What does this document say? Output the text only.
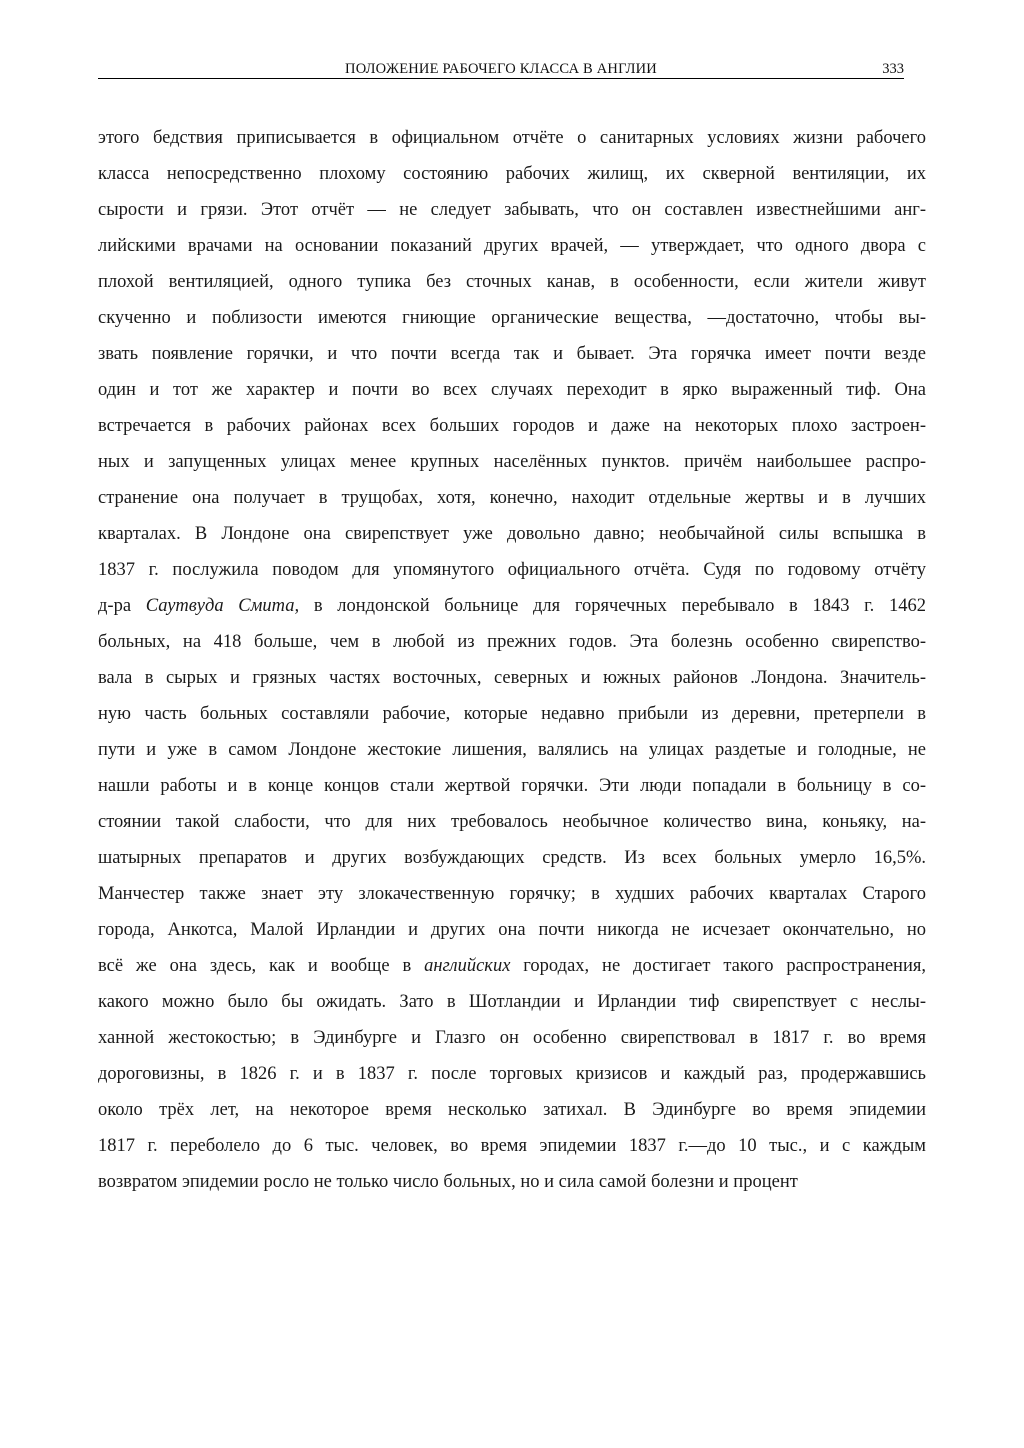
ПОЛОЖЕНИЕ РАБОЧЕГО КЛАССА В АНГЛИИ	333
этого бедствия приписывается в официальном отчёте о санитарных условиях жизни рабочего
класса непосредственно плохому состоянию рабочих жилищ, их скверной вентиляции, их
сырости и грязи. Этот отчёт — не следует забывать, что он составлен известнейшими анг-
лийскими врачами на основании показаний других врачей, — утверждает, что одного двора с
плохой вентиляцией, одного тупика без сточных канав, в особенности, если жители живут
скученно и поблизости имеются гниющие органические вещества, —достаточно, чтобы вы-
звать появление горячки, и что почти всегда так и бывает. Эта горячка имеет почти везде
один и тот же характер и почти во всех случаях переходит в ярко выраженный тиф. Она
встречается в рабочих районах всех больших городов и даже на некоторых плохо застроен-
ных и запущенных улицах менее крупных населённых пунктов. причём наибольшее распро-
странение она получает в трущобах, хотя, конечно, находит отдельные жертвы и в лучших
кварталах. В Лондоне она свирепствует уже довольно давно; необычайной силы вспышка в
1837 г. послужила поводом для упомянутого официального отчёта. Судя по годовому отчёту
д-ра Саутвуда Смита, в лондонской больнице для горячечных перебывало в 1843 г. 1462
больных, на 418 больше, чем в любой из прежних годов. Эта болезнь особенно свирепство-
вала в сырых и грязных частях восточных, северных и южных районов .Лондона. Значитель-
ную часть больных составляли рабочие, которые недавно прибыли из деревни, претерпели в
пути и уже в самом Лондоне жестокие лишения, валялись на улицах раздетые и голодные, не
нашли работы и в конце концов стали жертвой горячки. Эти люди попадали в больницу в со-
стоянии такой слабости, что для них требовалось необычное количество вина, коньяку, на-
шатырных препаратов и других возбуждающих средств. Из всех больных умерло 16,5%.
Манчестер также знает эту злокачественную горячку; в худших рабочих кварталах Старого
города, Анкотса, Малой Ирландии и других она почти никогда не исчезает окончательно, но
всё же она здесь, как и вообще в английских городах, не достигает такого распространения,
какого можно было бы ожидать. Зато в Шотландии и Ирландии тиф свирепствует с неслы-
ханной жестокостью; в Эдинбурге и Глазго он особенно свирепствовал в 1817 г. во время
дороговизны, в 1826 г. и в 1837 г. после торговых кризисов и каждый раз, продержавшись
около трёх лет, на некоторое время несколько затихал. В Эдинбурге во время эпидемии
1817 г. переболело до 6 тыс. человек, во время эпидемии 1837 г.—до 10 тыс., и с каждым
возвратом эпидемии росло не только число больных, но и сила самой болезни и процент
